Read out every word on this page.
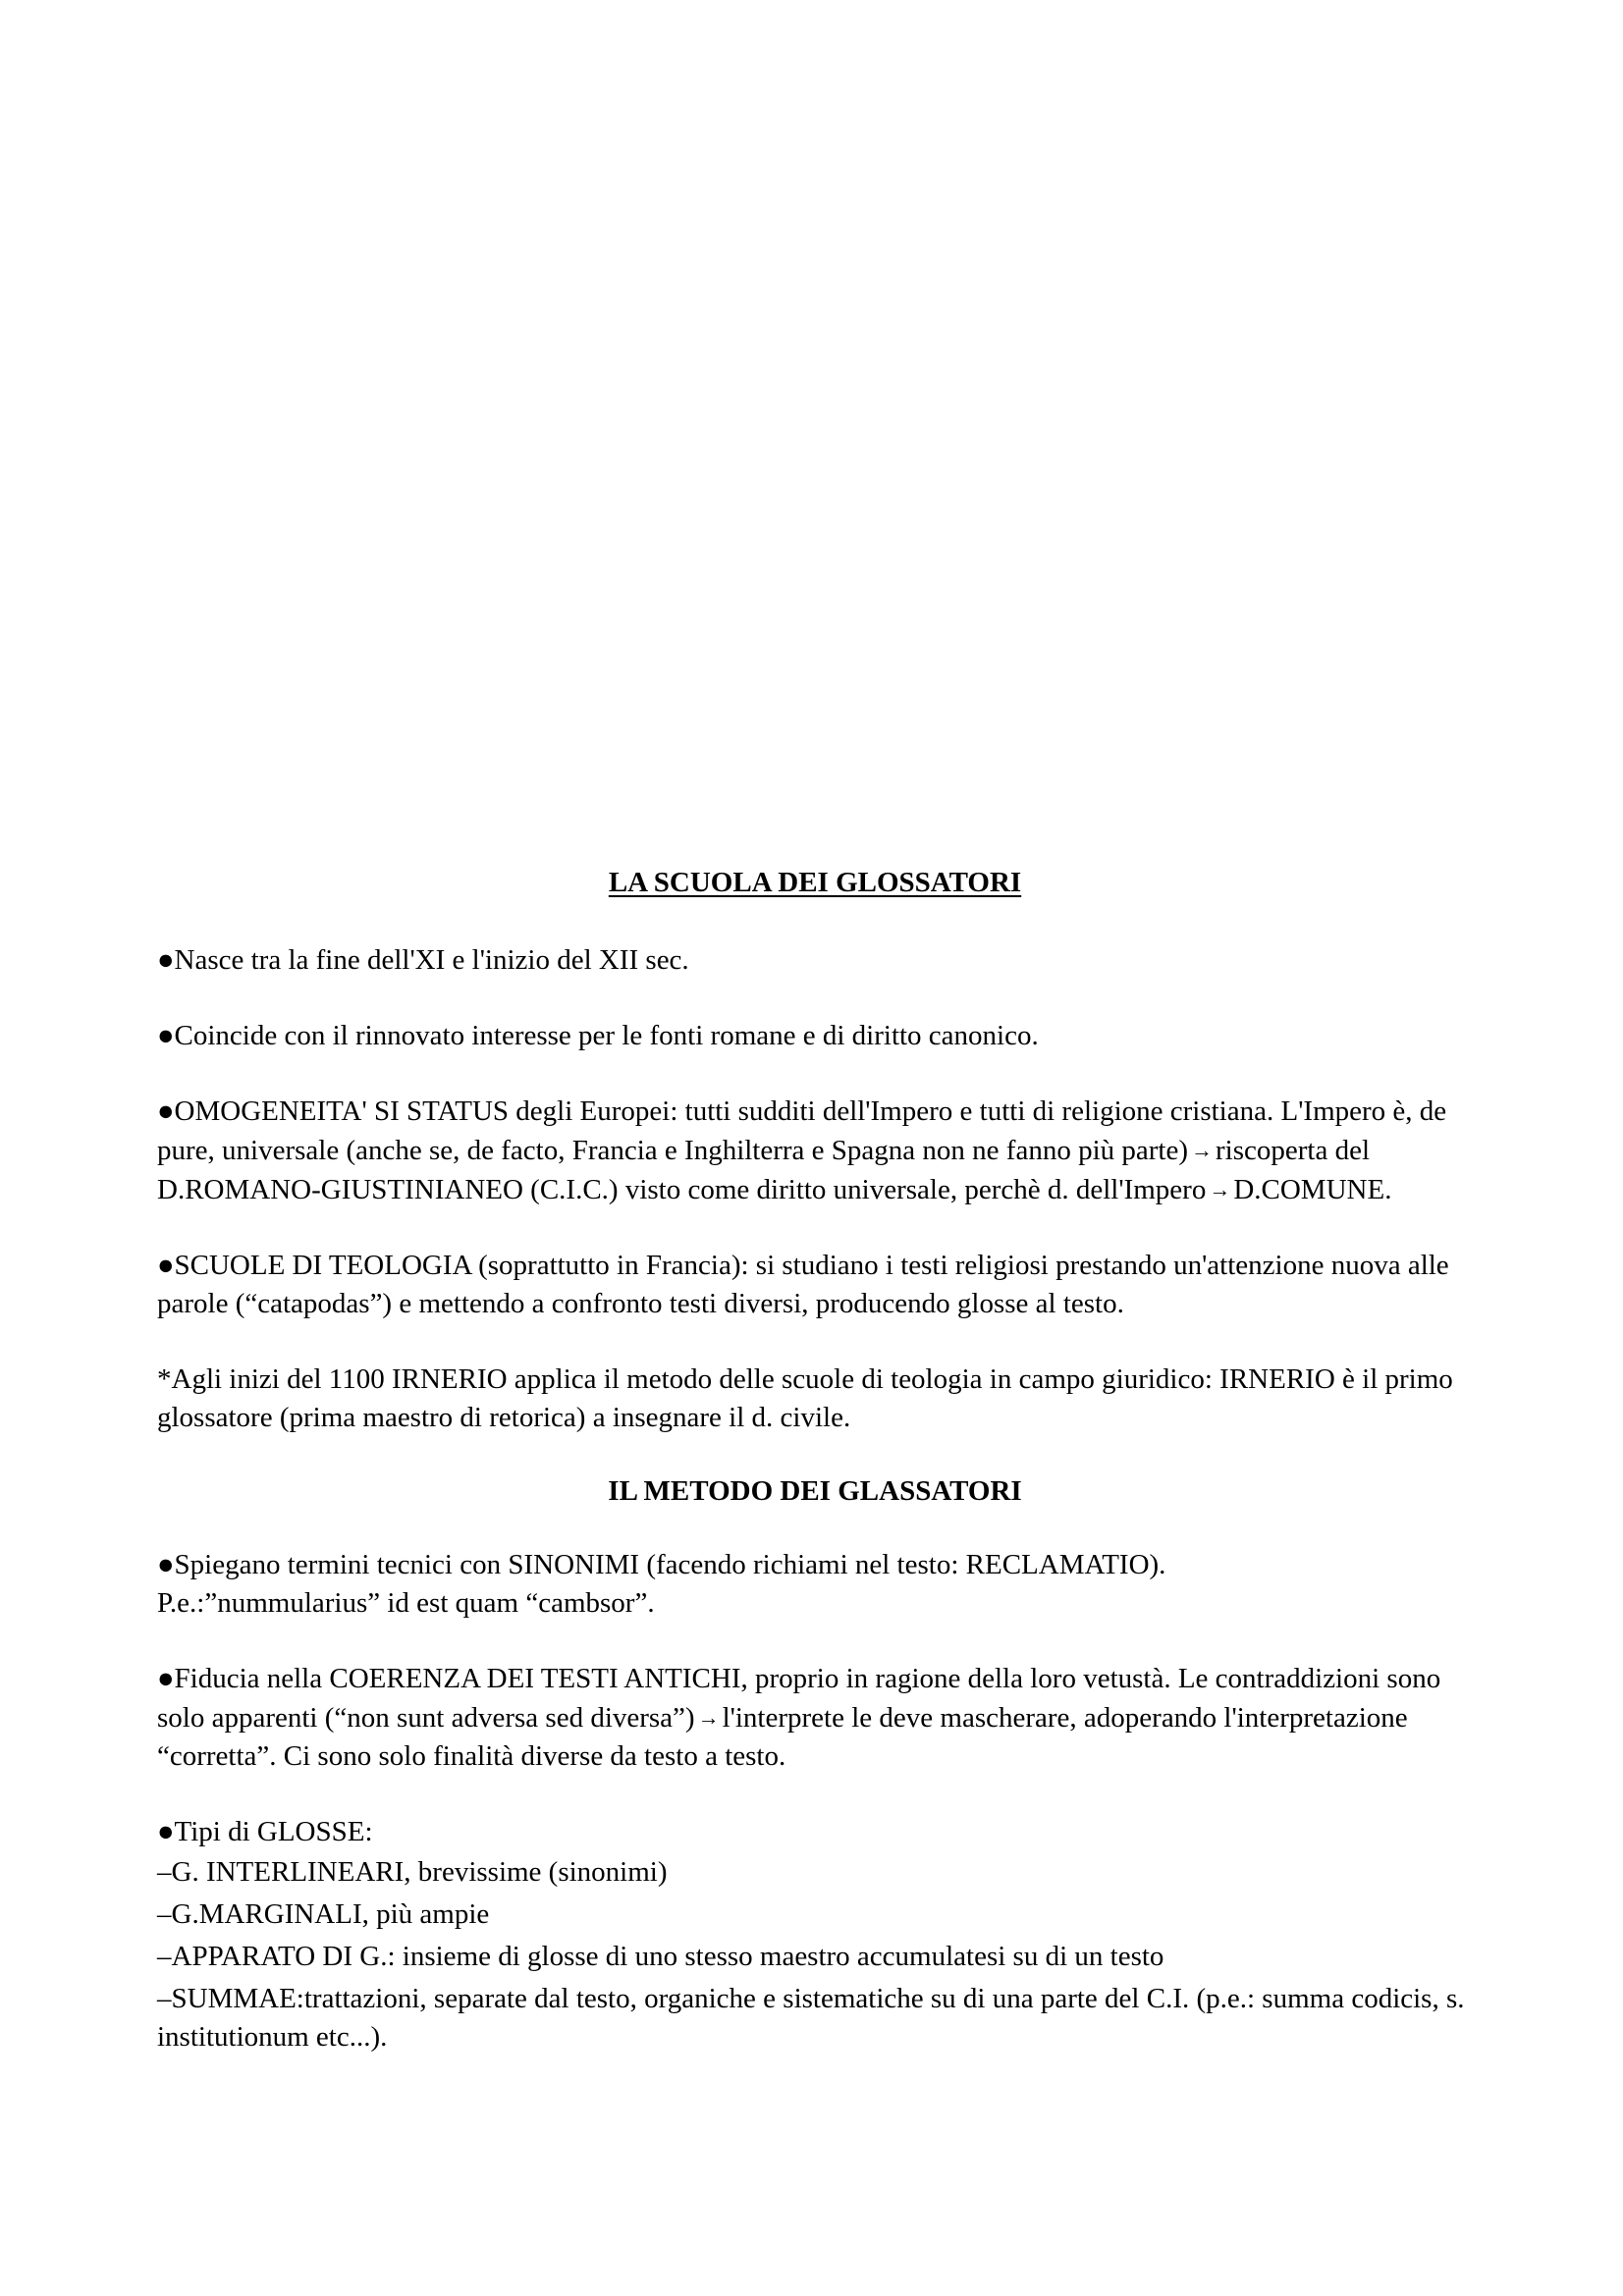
LA SCUOLA DEI GLOSSATORI

●Nasce tra la fine dell'XI e l'inizio del XII sec.

●Coincide con il rinnovato interesse per le fonti romane e di diritto canonico.

●OMOGENEITA' SI STATUS degli Europei: tutti sudditi dell'Impero e tutti di religione cristiana. L'Impero è, de pure, universale (anche se, de facto, Francia e Inghilterra e Spagna non ne fanno più parte) → riscoperta del D.ROMANO-GIUSTINIANEO (C.I.C.) visto come diritto universale, perchè d. dell'Impero → D.COMUNE.

●SCUOLE DI TEOLOGIA (soprattutto in Francia): si studiano i testi religiosi prestando un'attenzione nuova alle parole (“catapodas”) e mettendo a confronto testi diversi, producendo glosse al testo.

*Agli inizi del 1100 IRNERIO applica il metodo delle scuole di teologia in campo giuridico: IRNERIO è il primo glossatore (prima maestro di retorica) a insegnare il d. civile.

IL METODO DEI GLASSATORI

●Spiegano termini tecnici con SINONIMI (facendo richiami nel testo: RECLAMATIO).
P.e.:”nummularius” id est quam “cambsor”.

●Fiducia nella COERENZA DEI TESTI ANTICHI, proprio in ragione della loro vetustà. Le contraddizioni sono solo apparenti (“non sunt adversa sed diversa”) → l'interprete le deve mascherare, adoperando l'interpretazione “corretta”. Ci sono solo finalità diverse da testo a testo.

●Tipi di GLOSSE:

–G. INTERLINEARI, brevissime (sinonimi)
–G.MARGINALI, più ampie
–APPARATO DI G.: insieme di glosse di uno stesso maestro accumulatesi su di un testo
–SUMMAE:trattazioni, separate dal testo, organiche e sistematiche su di una parte del C.I. (p.e.: summa codicis, s. institutionum etc...).
